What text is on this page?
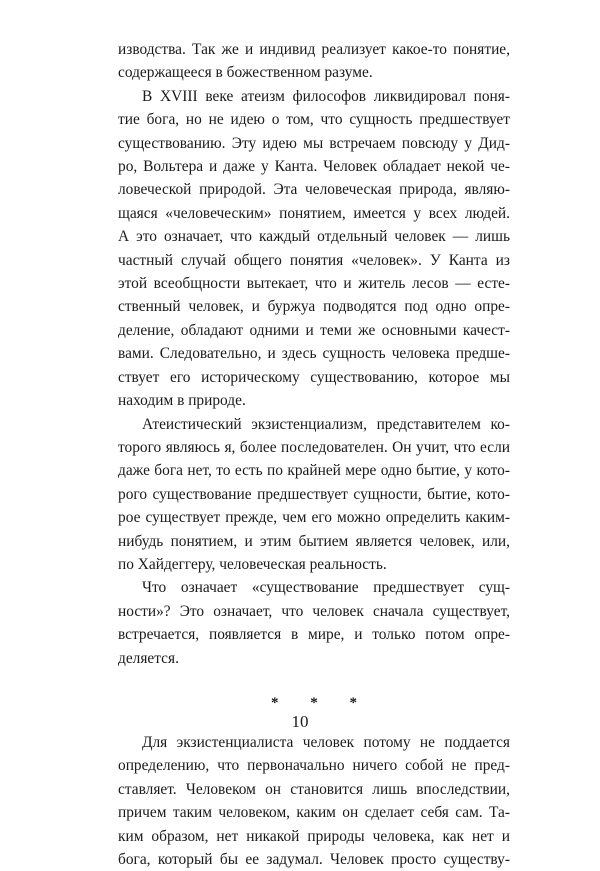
изводства. Так же и индивид реализует какое-то понятие,
содержащееся в божественном разуме.

В XVIII веке атеизм философов ликвидировал поня-
тие бога, но не идею о том, что сущность предшествует
существованию. Эту идею мы встречаем повсюду у Дид-
ро, Вольтера и даже у Канта. Человек обладает некой че-
ловеческой природой. Эта человеческая природа, являю-
щаяся «человеческим» понятием, имеется у всех людей.
А это означает, что каждый отдельный человек — лишь
частный случай общего понятия «человек». У Канта из
этой всеобщности вытекает, что и житель лесов — есте-
ственный человек, и буржуа подводятся под одно опре-
деление, обладают одними и теми же основными качест-
вами. Следовательно, и здесь сущность человека предше-
ствует его историческому существованию, которое мы
находим в природе.

Атеистический экзистенциализм, представителем ко-
торого являюсь я, более последователен. Он учит, что если
даже бога нет, то есть по крайней мере одно бытие, у кото-
рого существование предшествует сущности, бытие, кото-
рое существует прежде, чем его можно определить каким-
нибудь понятием, и этим бытием является человек, или,
по Хайдеггеру, человеческая реальность.

Что означает «существование предшествует сущ-
ности»? Это означает, что человек сначала существует,
встречается, появляется в мире, и только потом опре-
деляется.

* * *

Для экзистенциалиста человек потому не поддается
определению, что первоначально ничего собой не пред-
ставляет. Человеком он становится лишь впоследствии,
причем таким человеком, каким он сделает себя сам. Та-
ким образом, нет никакой природы человека, как нет и
бога, который бы ее задумал. Человек просто существу-

10
